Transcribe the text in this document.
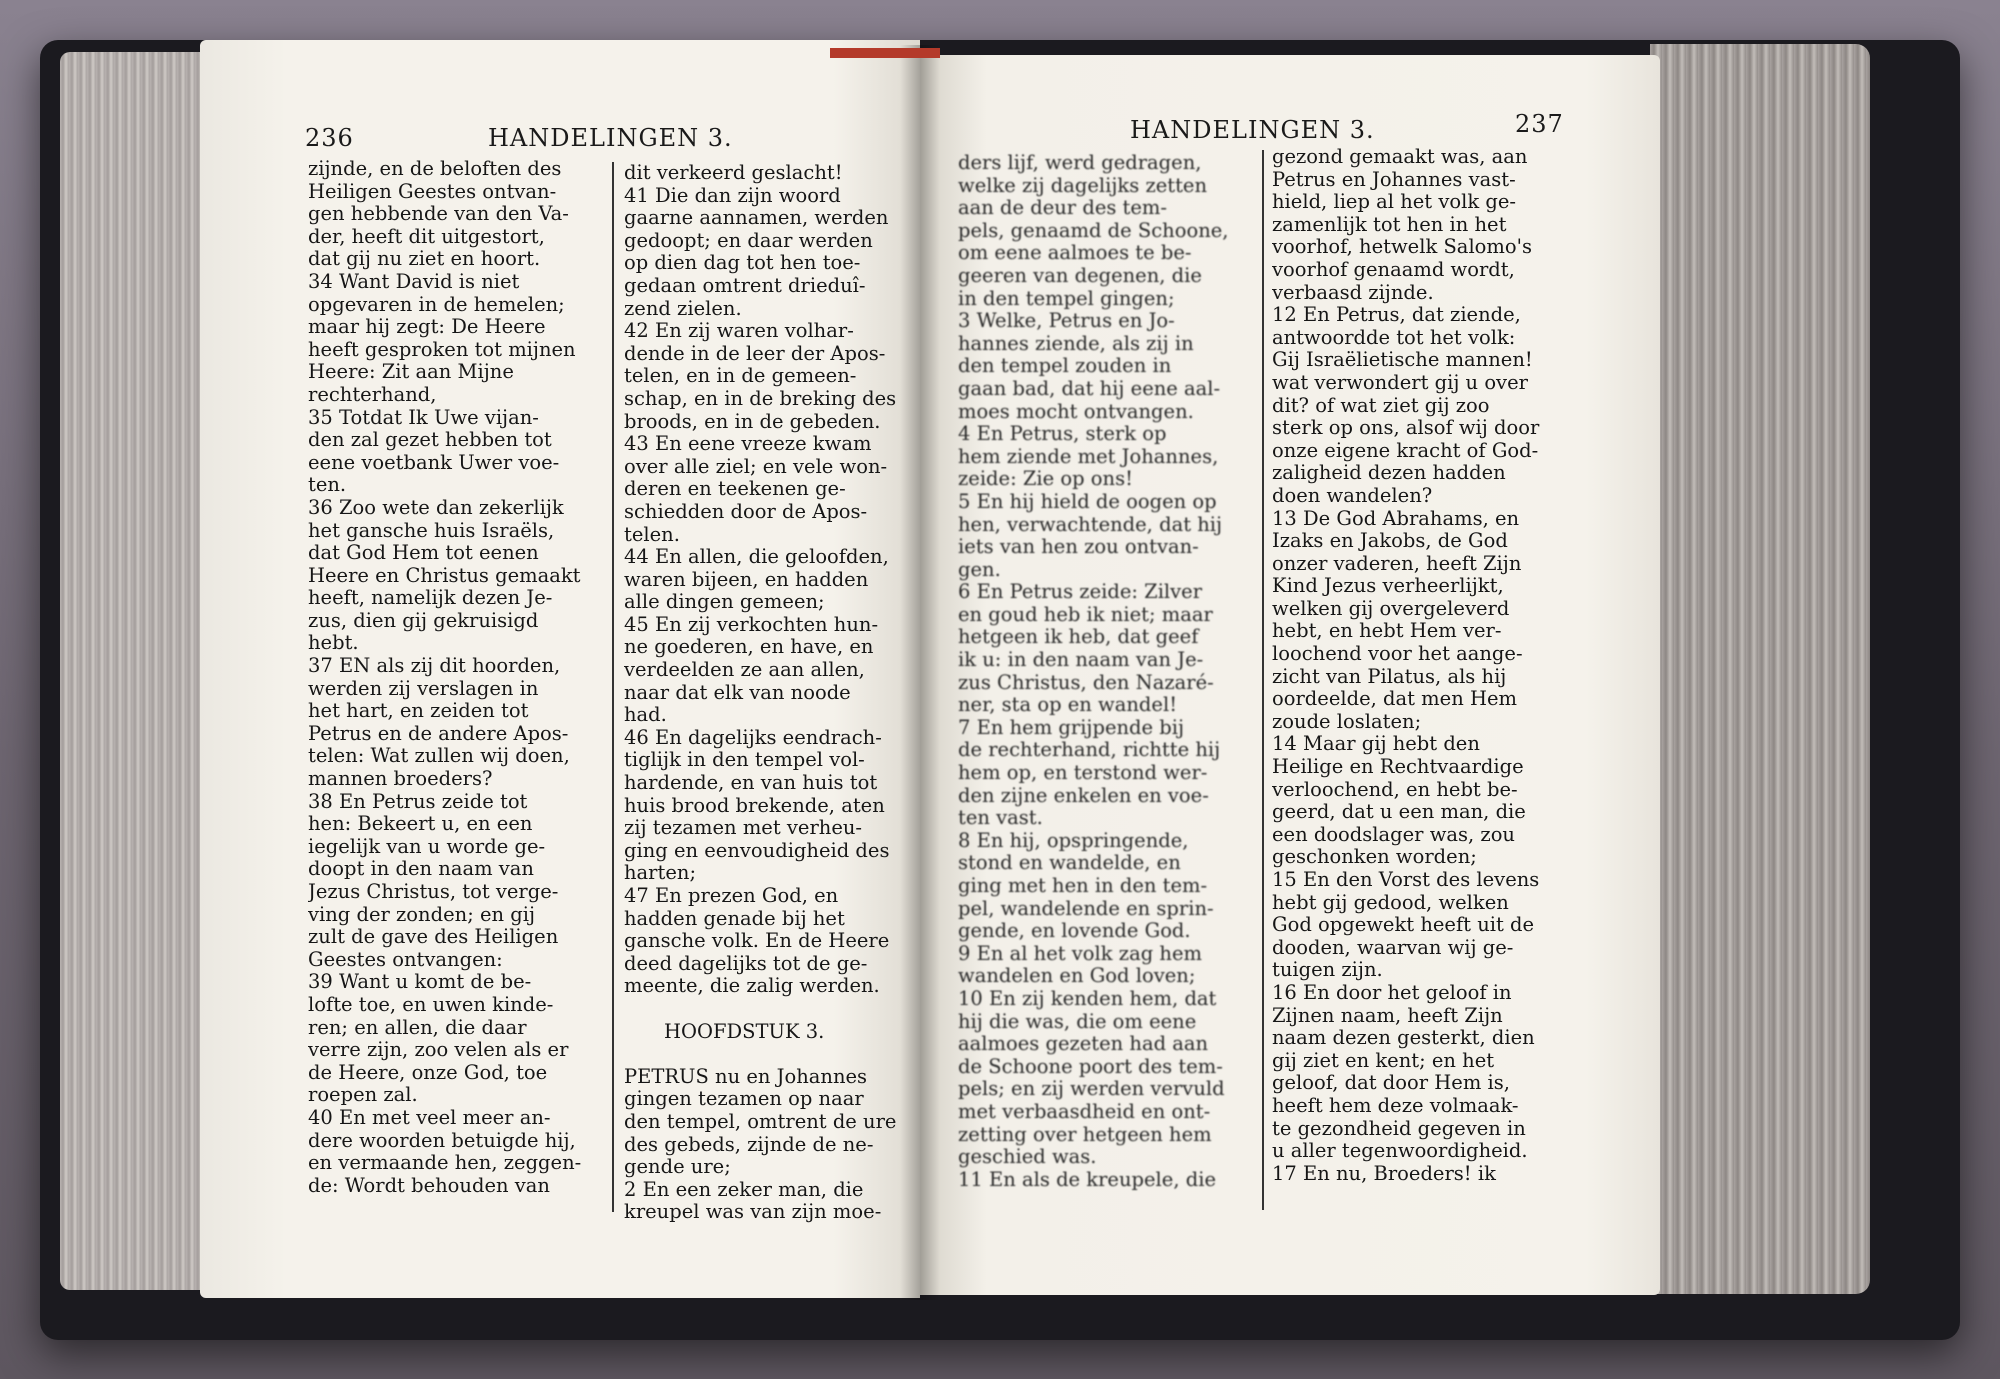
236	HANDELINGEN 3.	HANDELINGEN 3.	237
zijnde, en de beloften des
Heiligen Geestes ontvan-
gen hebbende van den Va-
der, heeft dit uitgestort,
dat gij nu ziet en hoort.
34 Want David is niet
opgevaren in de hemelen;
maar hij zegt: De Heere
heeft gesproken tot mijnen
Heere: Zit aan Mijne
rechterhand,
35 Totdat Ik Uwe vijan-
den zal gezet hebben tot
eene voetbank Uwer voe-
ten.
36 Zoo wete dan zekerlijk
het gansche huis Israëls,
dat God Hem tot eenen
Heere en Christus gemaakt
heeft, namelijk dezen Je-
zus, dien gij gekruisigd
hebt.
37 EN als zij dit hoorden,
werden zij verslagen in
het hart, en zeiden tot
Petrus en de andere Apos-
telen: Wat zullen wij doen,
mannen broeders?
38 En Petrus zeide tot
hen: Bekeert u, en een
iegelijk van u worde ge-
doopt in den naam van
Jezus Christus, tot verge-
ving der zonden; en gij
zult de gave des Heiligen
Geestes ontvangen:
39 Want u komt de be-
lofte toe, en uwen kinde-
ren; en allen, die daar
verre zijn, zoo velen als er
de Heere, onze God, toe
roepen zal.
40 En met veel meer an-
dere woorden betuigde hij,
en vermaande hen, zeggen-
de: Wordt behouden van
dit verkeerd geslacht!
41 Die dan zijn woord
gaarne aannamen, werden
gedoopt; en daar werden
op dien dag tot hen toe-
gedaan omtrent drieduî-
zend zielen.
42 En zij waren volhar-
dende in de leer der Apos-
telen, en in de gemeen-
schap, en in de breking des
broods, en in de gebeden.
43 En eene vreeze kwam
over alle ziel; en vele won-
deren en teekenen ge-
schiedden door de Apos-
telen.
44 En allen, die geloofden,
waren bijeen, en hadden
alle dingen gemeen;
45 En zij verkochten hun-
ne goederen, en have, en
verdeelden ze aan allen,
naar dat elk van noode
had.
46 En dagelijks eendrach-
tiglijk in den tempel vol-
hardende, en van huis tot
huis brood brekende, aten
zij tezamen met verheu-
ging en eenvoudigheid des
harten;
47 En prezen God, en
hadden genade bij het
gansche volk. En de Heere
deed dagelijks tot de ge-
meente, die zalig werden.
HOOFDSTUK 3.
PETRUS nu en Johannes
gingen tezamen op naar
den tempel, omtrent de ure
des gebeds, zijnde de ne-
gende ure;
2 En een zeker man, die
kreupel was van zijn moe-
ders lijf, werd gedragen,
welke zij dagelijks zetten
aan de deur des tem-
pels, genaamd de Schoone,
om eene aalmoes te be-
geeren van degenen, die
in den tempel gingen;
3 Welke, Petrus en Jo-
hannes ziende, als zij in
den tempel zouden in
gaan bad, dat hij eene aal-
moes mocht ontvangen.
4 En Petrus, sterk op
hem ziende met Johannes,
zeide: Zie op ons!
5 En hij hield de oogen op
hen, verwachtende, dat hij
iets van hen zou ontvan-
gen.
6 En Petrus zeide: Zilver
en goud heb ik niet; maar
hetgeen ik heb, dat geef
ik u: in den naam van Je-
zus Christus, den Nazaré-
ner, sta op en wandel!
7 En hem grijpende bij
de rechterhand, richtte hij
hem op, en terstond wer-
den zijne enkelen en voe-
ten vast.
8 En hij, opspringende,
stond en wandelde, en
ging met hen in den tem-
pel, wandelende en sprin-
gende, en lovende God.
9 En al het volk zag hem
wandelen en God loven;
10 En zij kenden hem, dat
hij die was, die om eene
aalmoes gezeten had aan
de Schoone poort des tem-
pels; en zij werden vervuld
met verbaasdheid en ont-
zetting over hetgeen hem
geschied was.
11 En als de kreupele, die
gezond gemaakt was, aan
Petrus en Johannes vast-
hield, liep al het volk ge-
zamenlijk tot hen in het
voorhof, hetwelk Salomo's
voorhof genaamd wordt,
verbaasd zijnde.
12 En Petrus, dat ziende,
antwoordde tot het volk:
Gij Israëlietische mannen!
wat verwondert gij u over
dit? of wat ziet gij zoo
sterk op ons, alsof wij door
onze eigene kracht of God-
zaligheid dezen hadden
doen wandelen?
13 De God Abrahams, en
Izaks en Jakobs, de God
onzer vaderen, heeft Zijn
Kind Jezus verheerlijkt,
welken gij overgeleverd
hebt, en hebt Hem ver-
loochend voor het aange-
zicht van Pilatus, als hij
oordeelde, dat men Hem
zoude loslaten;
14 Maar gij hebt den
Heilige en Rechtvaardige
verloochend, en hebt be-
geerd, dat u een man, die
een doodslager was, zou
geschonken worden;
15 En den Vorst des levens
hebt gij gedood, welken
God opgewekt heeft uit de
dooden, waarvan wij ge-
tuigen zijn.
16 En door het geloof in
Zijnen naam, heeft Zijn
naam dezen gesterkt, dien
gij ziet en kent; en het
geloof, dat door Hem is,
heeft hem deze volmaak-
te gezondheid gegeven in
u aller tegenwoordigheid.
17 En nu, Broeders! ik
